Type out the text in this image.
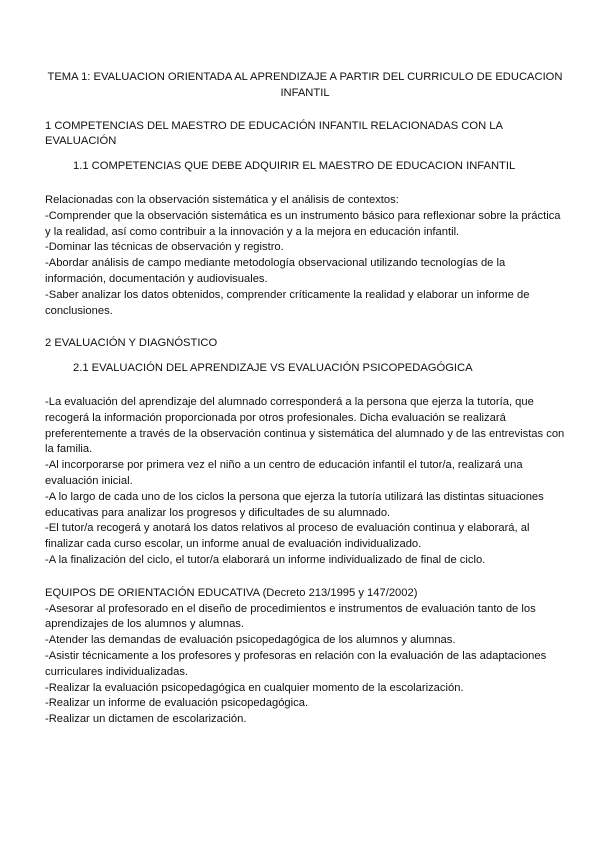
TEMA 1: EVALUACION ORIENTADA AL APRENDIZAJE A PARTIR DEL CURRICULO DE EDUCACION
INFANTIL
1 COMPETENCIAS DEL MAESTRO DE EDUCACIÓN INFANTIL RELACIONADAS CON LA EVALUACIÓN
1.1 COMPETENCIAS QUE DEBE ADQUIRIR EL MAESTRO DE EDUCACION INFANTIL
Relacionadas con la observación sistemática y el análisis de contextos:
-Comprender que la observación sistemática es un instrumento básico para reflexionar sobre la práctica y la realidad, así como contribuir a la innovación y a la mejora en educación infantil.
-Dominar las técnicas de observación y registro.
-Abordar análisis de campo mediante metodología observacional utilizando tecnologías de la información, documentación y audiovisuales.
-Saber analizar los datos obtenidos, comprender críticamente la realidad y elaborar un informe de conclusiones.
2 EVALUACIÓN Y DIAGNÓSTICO
2.1 EVALUACIÓN DEL APRENDIZAJE VS EVALUACIÓN PSICOPEDAGÓGICA
-La evaluación del aprendizaje del alumnado corresponderá a la persona que ejerza la tutoría, que recogerá la información proporcionada por otros profesionales. Dicha evaluación se realizará preferentemente a través de la observación continua y sistemática del alumnado y de las entrevistas con la familia.
-Al incorporarse por primera vez el niño a un centro de educación infantil el tutor/a, realizará una evaluación inicial.
-A lo largo de cada uno de los ciclos la persona que ejerza la tutoría utilizará las distintas situaciones educativas para analizar los progresos y dificultades de su alumnado.
-El tutor/a recogerá y anotará los datos relativos al proceso de evaluación continua y elaborará, al finalizar cada curso escolar, un informe anual de evaluación individualizado.
-A la finalización del ciclo, el tutor/a elaborará un informe individualizado de final de ciclo.
EQUIPOS DE ORIENTACIÓN EDUCATIVA (Decreto 213/1995 y 147/2002)
-Asesorar al profesorado en el diseño de procedimientos e instrumentos de evaluación tanto de los aprendizajes de los alumnos y alumnas.
-Atender las demandas de evaluación psicopedagógica de los alumnos y alumnas.
-Asistir técnicamente a los profesores y profesoras en relación con la evaluación de las adaptaciones curriculares individualizadas.
-Realizar la evaluación psicopedagógica en cualquier momento de la escolarización.
-Realizar un informe de evaluación psicopedagógica.
-Realizar un dictamen de escolarización.
